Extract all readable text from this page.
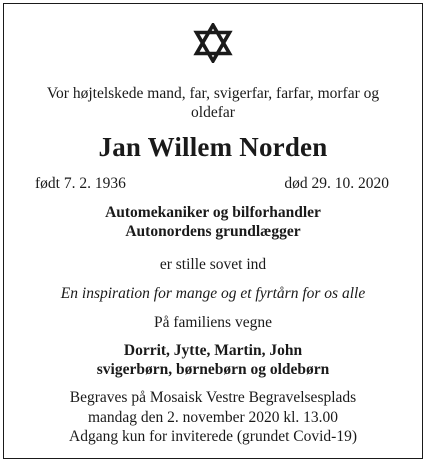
Vor højtelskede mand, far, svigerfar, farfar, morfar og
oldefar
Jan Willem Norden
født 7. 2. 1936	død 29. 10. 2020
Automekaniker og bilforhandler
Autonordens grundlægger
er stille sovet ind
En inspiration for mange og et fyrtårn for os alle
På familiens vegne
Dorrit, Jytte, Martin, John
svigerbørn, børnebørn og oldebørn
Begraves på Mosaisk Vestre Begravelsesplads
mandag den 2. november 2020 kl. 13.00
Adgang kun for inviterede (grundet Covid-19)
